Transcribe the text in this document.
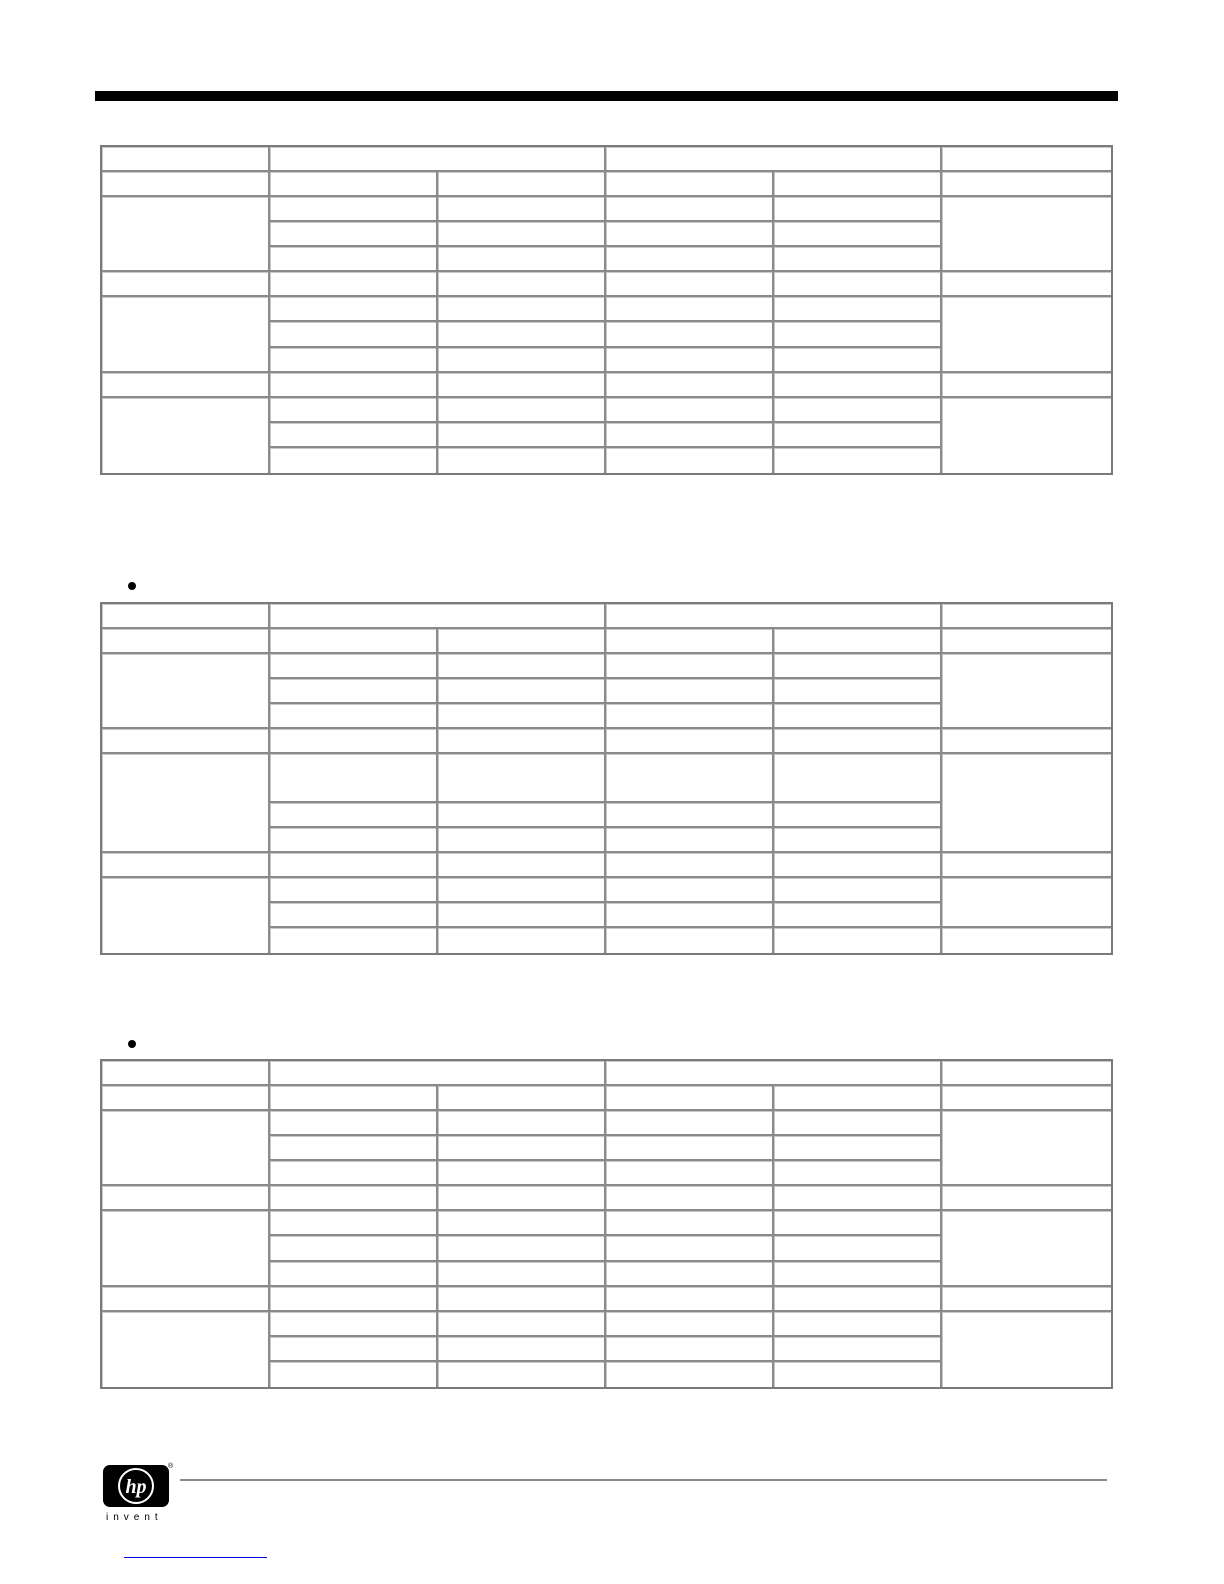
hp
®
invent
